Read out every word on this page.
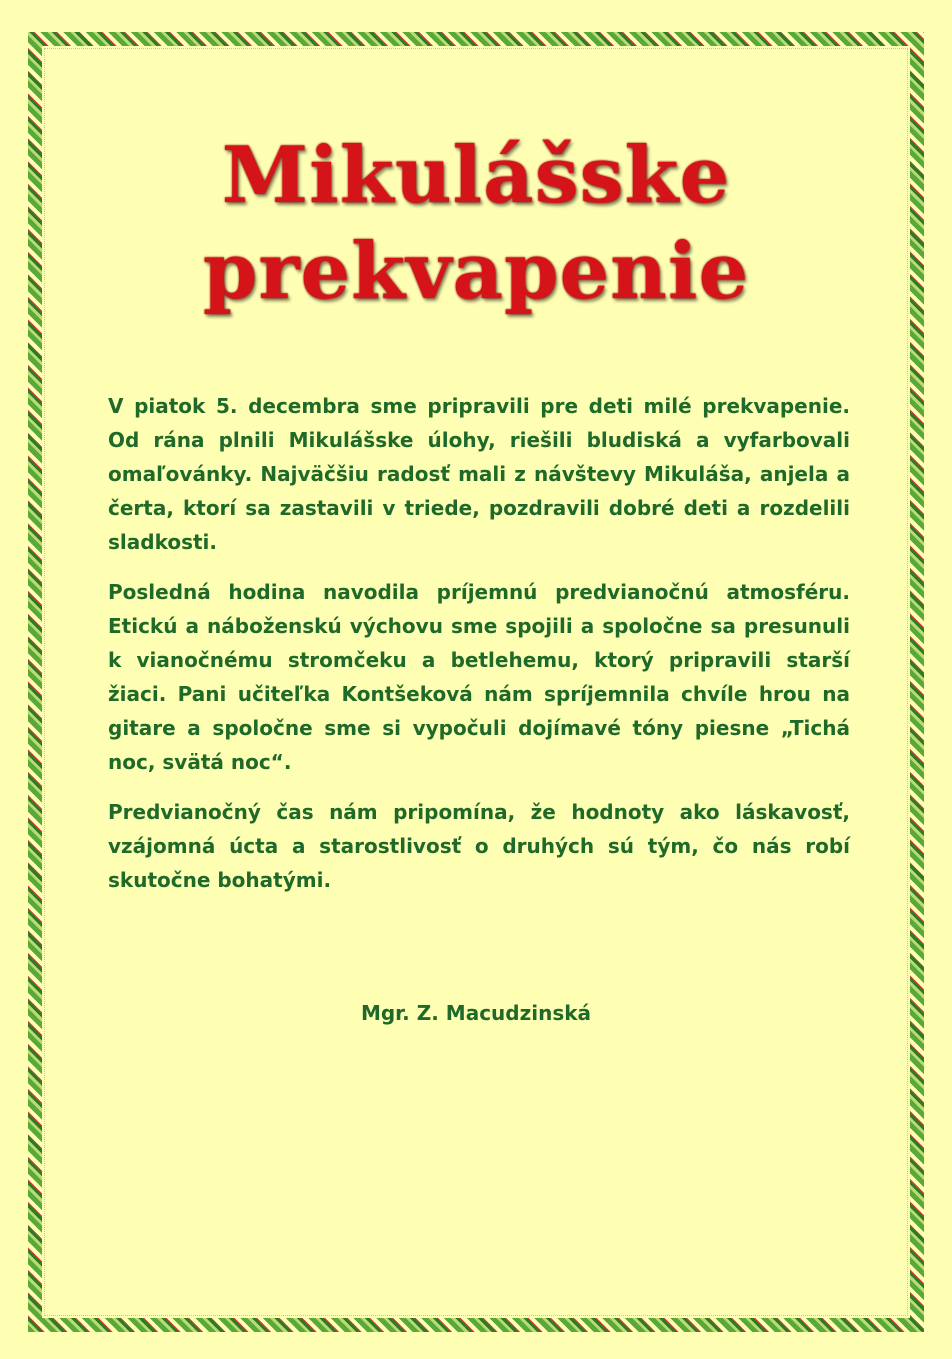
Mikulášske
prekvapenie

V piatok 5. decembra sme pripravili pre deti milé prekvapenie. Od rána plnili Mikulášske úlohy, riešili bludiská a vyfarbovali omaľovánky. Najväčšiu radosť mali z návštevy Mikuláša, anjela a čerta, ktorí sa zastavili v triede, pozdravili dobré deti a rozdelili sladkosti.

Posledná hodina navodila príjemnú predvianočnú atmosféru. Etickú a náboženskú výchovu sme spojili a spoločne sa presunuli k vianočnému stromčeku a betlehemu, ktorý pripravili starší žiaci. Pani učiteľka Kontšeková nám spríjemnila chvíle hrou na gitare a spoločne sme si vypočuli dojímavé tóny piesne „Tichá noc, svätá noc“.

Predvianočný čas nám pripomína, že hodnoty ako láskavosť, vzájomná úcta a starostlivosť o druhých sú tým, čo nás robí skutočne bohatými.

Mgr. Z. Macudzinská
